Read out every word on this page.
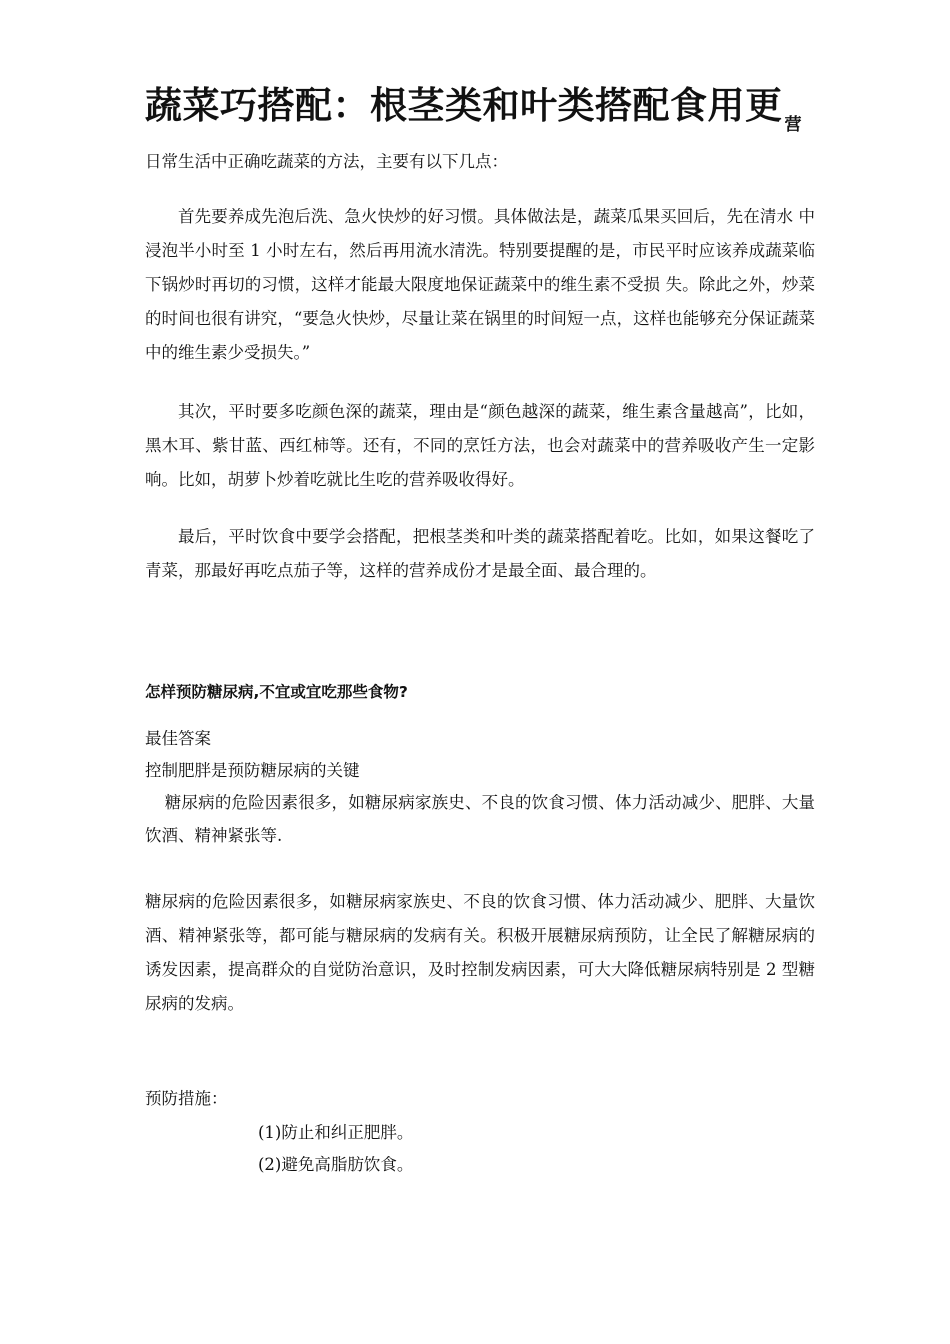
蔬菜巧搭配：根茎类和叶类搭配食用更 $_营$

日常生活中正确吃蔬菜的方法，主要有以下几点：

首先要养成先泡后洗、急火快炒的好习惯。具体做法是，蔬菜瓜果买回后，先在清水 中浸泡半小时至 1 小时左右，然后再用流水清洗。特别要提醒的是，市民平时应该养成蔬菜临下锅炒时再切的习惯，这样才能最大限度地保证蔬菜中的维生素不受损 失。除此之外，炒菜的时间也很有讲究，“要急火快炒，尽量让菜在锅里的时间短一点，这样也能够充分保证蔬菜中的维生素少受损失。”

其次，平时要多吃颜色深的蔬菜，理由是“颜色越深的蔬菜，维生素含量越高”，比如，黑木耳、紫甘蓝、西红柿等。还有，不同的烹饪方法，也会对蔬菜中的营养吸收产生一定影响。比如，胡萝卜炒着吃就比生吃的营养吸收得好。

最后，平时饮食中要学会搭配，把根茎类和叶类的蔬菜搭配着吃。比如，如果这餐吃了青菜，那最好再吃点茄子等，这样的营养成份才是最全面、最合理的。

怎样预防糖尿病,不宜或宜吃那些食物?

最佳答案

控制肥胖是预防糖尿病的关键

糖尿病的危险因素很多，如糖尿病家族史、不良的饮食习惯、体力活动减少、肥胖、大量饮酒、精神紧张等.

糖尿病的危险因素很多，如糖尿病家族史、不良的饮食习惯、体力活动减少、肥胖、大量饮酒、精神紧张等，都可能与糖尿病的发病有关。积极开展糖尿病预防，让全民了解糖尿病的诱发因素，提高群众的自觉防治意识，及时控制发病因素，可大大降低糖尿病特别是 2 型糖尿病的发病。

预防措施：

(1)防止和纠正肥胖。

(2)避免高脂肪饮食。
